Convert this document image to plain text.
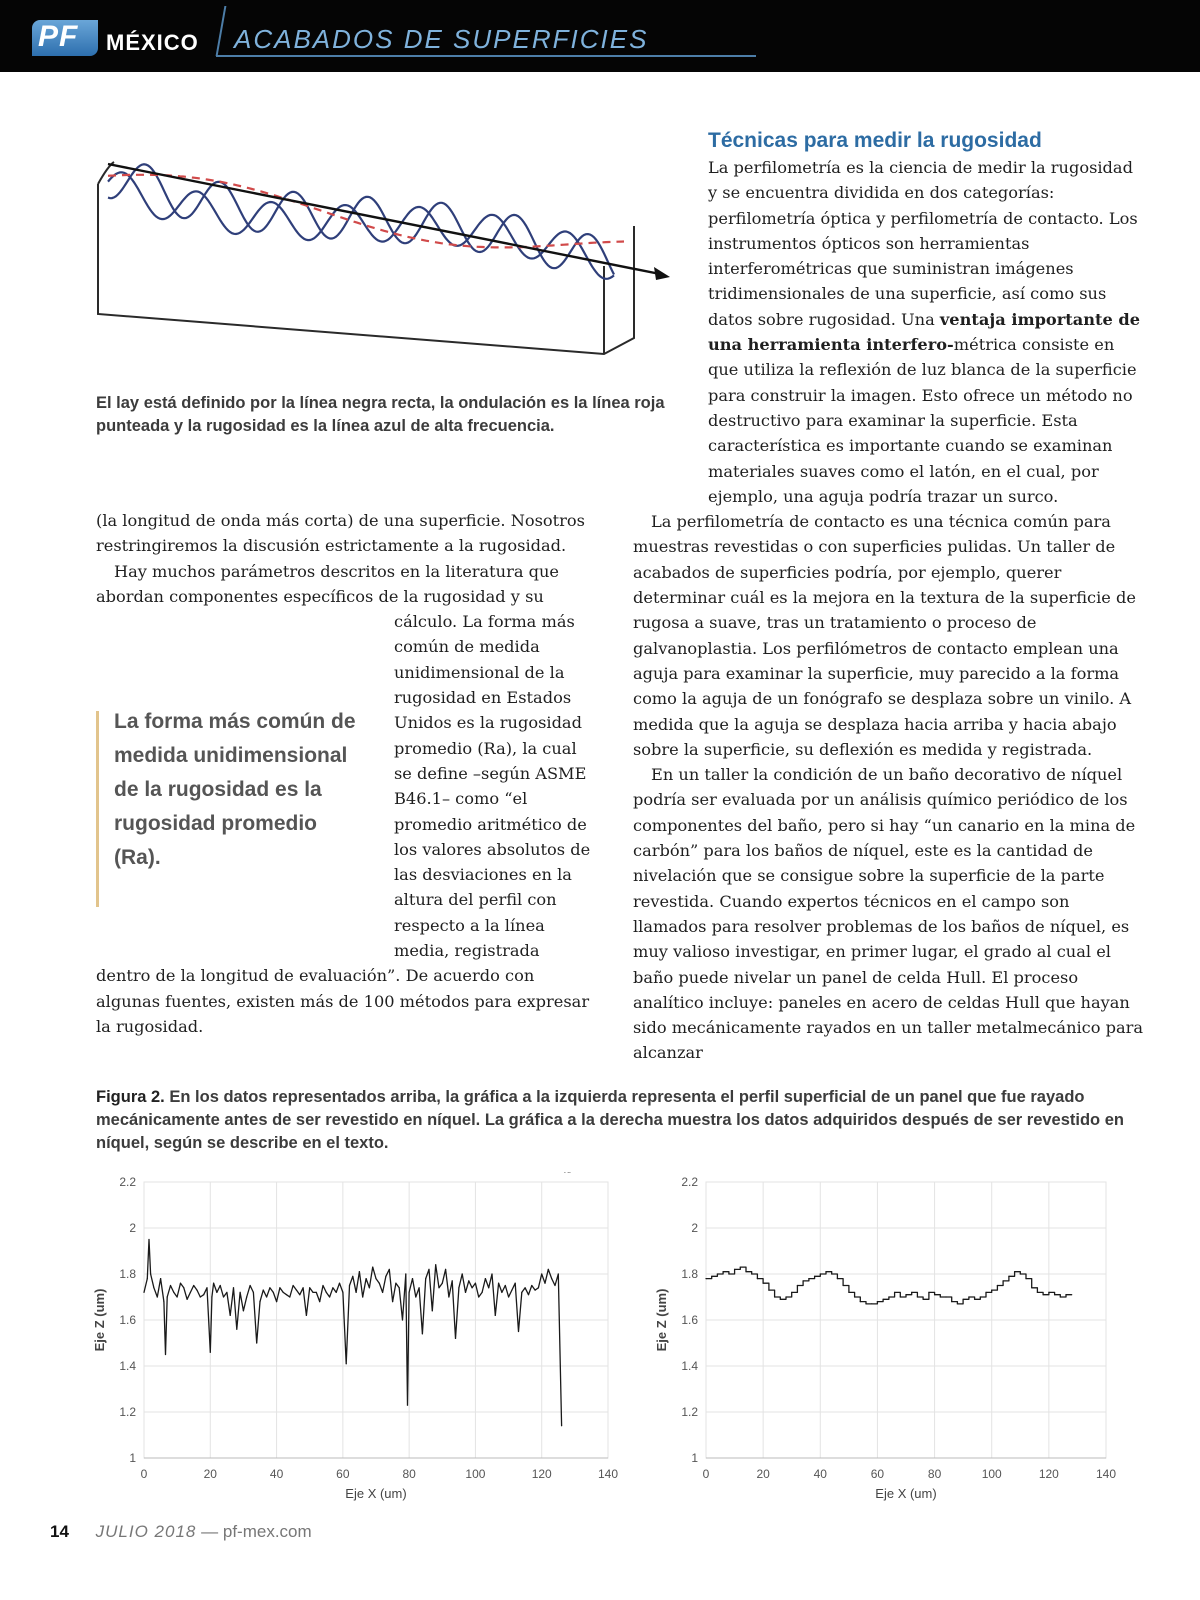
PF MÉXICO ACABADOS DE SUPERFICIES
El lay está definido por la línea negra recta, la ondulación es la línea roja punteada y la rugosidad es la línea azul de alta frecuencia.

(la longitud de onda más corta) de una superficie. Nosotros restringiremos la discusión estrictamente a la rugosidad.

Hay muchos parámetros descritos en la literatura que abordan componentes específicos de la rugosidad y su

La forma más común de medida unidimensional de la rugosidad es la rugosidad promedio (Ra).

cálculo. La forma más común de medida unidimensional de la rugosidad en Estados Unidos es la rugosidad promedio (Ra), la cual se define –según ASME B46.1– como “el promedio aritmético de los valores absolutos de las desviaciones en la altura del perfil con respecto a la línea media, registrada dentro de la longitud de evaluación”. De acuerdo con algunas fuentes, existen más de 100 métodos para expresar la rugosidad.

Técnicas para medir la rugosidad

La perfilometría es la ciencia de medir la rugosidad y se encuentra dividida en dos categorías: perfilometría óptica y perfilometría de contacto. Los instrumentos ópticos son herramientas interferométricas que suministran imágenes tridimensionales de una superficie, así como sus datos sobre rugosidad. Una ventaja importante de una herramienta interfero-métrica consiste en que utiliza la reflexión de luz blanca de la superficie para construir la imagen. Esto ofrece un método no destructivo para examinar la superficie. Esta característica es importante cuando se examinan materiales suaves como el latón, en el cual, por ejemplo, una aguja podría trazar un surco.

La perfilometría de contacto es una técnica común para muestras revestidas o con superficies pulidas. Un taller de acabados de superficies podría, por ejemplo, querer determinar cuál es la mejora en la textura de la superficie de rugosa a suave, tras un tratamiento o proceso de galvanoplastia. Los perfilómetros de contacto emplean una aguja para examinar la superficie, muy parecido a la forma como la aguja de un fonógrafo se desplaza sobre un vinilo. A medida que la aguja se desplaza hacia arriba y hacia abajo sobre la superficie, su deflexión es medida y registrada.

En un taller la condición de un baño decorativo de níquel podría ser evaluada por un análisis químico periódico de los componentes del baño, pero si hay “un canario en la mina de carbón” para los baños de níquel, este es la cantidad de nivelación que se consigue sobre la superficie de la parte revestida. Cuando expertos técnicos en el campo son llamados para resolver problemas de los baños de níquel, es muy valioso investigar, en primer lugar, el grado al cual el baño puede nivelar un panel de celda Hull. El proceso analítico incluye: paneles en acero de celdas Hull que hayan sido mecánicamente rayados en un taller metalmecánico para alcanzar

Figura 2. En los datos representados arriba, la gráfica a la izquierda representa el perfil superficial de un panel que fue rayado mecánicamente antes de ser revestido en níquel. La gráfica a la derecha muestra los datos adquiridos después de ser revestido en níquel, según se describe en el texto.

0	20	40	60	80	100	120	140
1
1.2
1.4
1.6
1.8
2
2.2
Eje X (um)
Eje Z (um)
0	20	40	60	80	100	120	140
1
1.2
1.4
1.6
1.8
2
2.2
Eje X (um)
Eje Z (um)
14 JULIO 2018 — pf-mex.com
